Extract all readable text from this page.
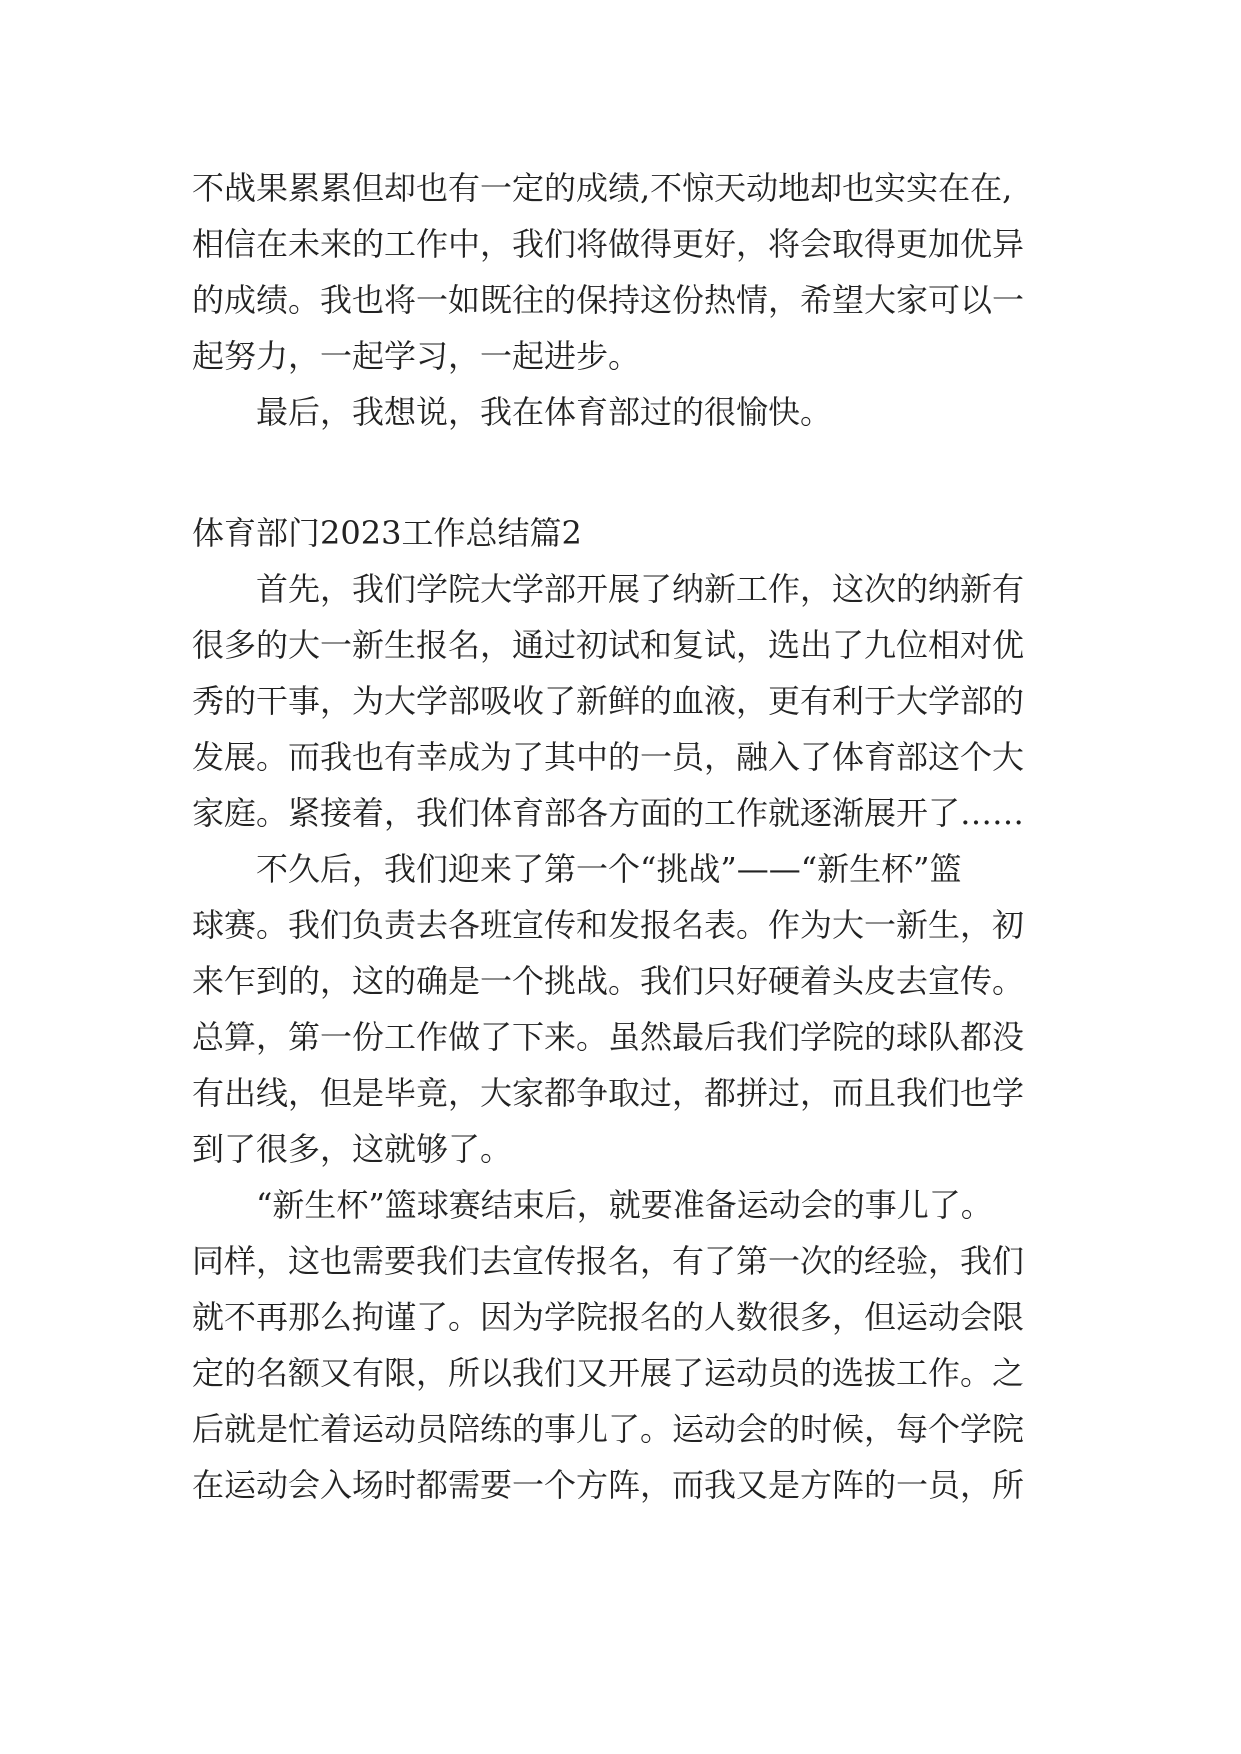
不战果累累但却也有一定的成绩,不惊天动地却也实实在在,
相信在未来的工作中，我们将做得更好，将会取得更加优异
的成绩。我也将一如既往的保持这份热情，希望大家可以一
起努力，一起学习，一起进步。
最后，我想说，我在体育部过的很愉快。
体育部门2023工作总结篇2
首先，我们学院大学部开展了纳新工作，这次的纳新有
很多的大一新生报名，通过初试和复试，选出了九位相对优
秀的干事，为大学部吸收了新鲜的血液，更有利于大学部的
发展。而我也有幸成为了其中的一员，融入了体育部这个大
家庭。紧接着，我们体育部各方面的工作就逐渐展开了……
不久后，我们迎来了第一个“挑战”——“新生杯”篮
球赛。我们负责去各班宣传和发报名表。作为大一新生，初
来乍到的，这的确是一个挑战。我们只好硬着头皮去宣传。
总算，第一份工作做了下来。虽然最后我们学院的球队都没
有出线，但是毕竟，大家都争取过，都拼过，而且我们也学
到了很多，这就够了。
“新生杯”篮球赛结束后，就要准备运动会的事儿了。
同样，这也需要我们去宣传报名，有了第一次的经验，我们
就不再那么拘谨了。因为学院报名的人数很多，但运动会限
定的名额又有限，所以我们又开展了运动员的选拔工作。之
后就是忙着运动员陪练的事儿了。运动会的时候，每个学院
在运动会入场时都需要一个方阵，而我又是方阵的一员，所
